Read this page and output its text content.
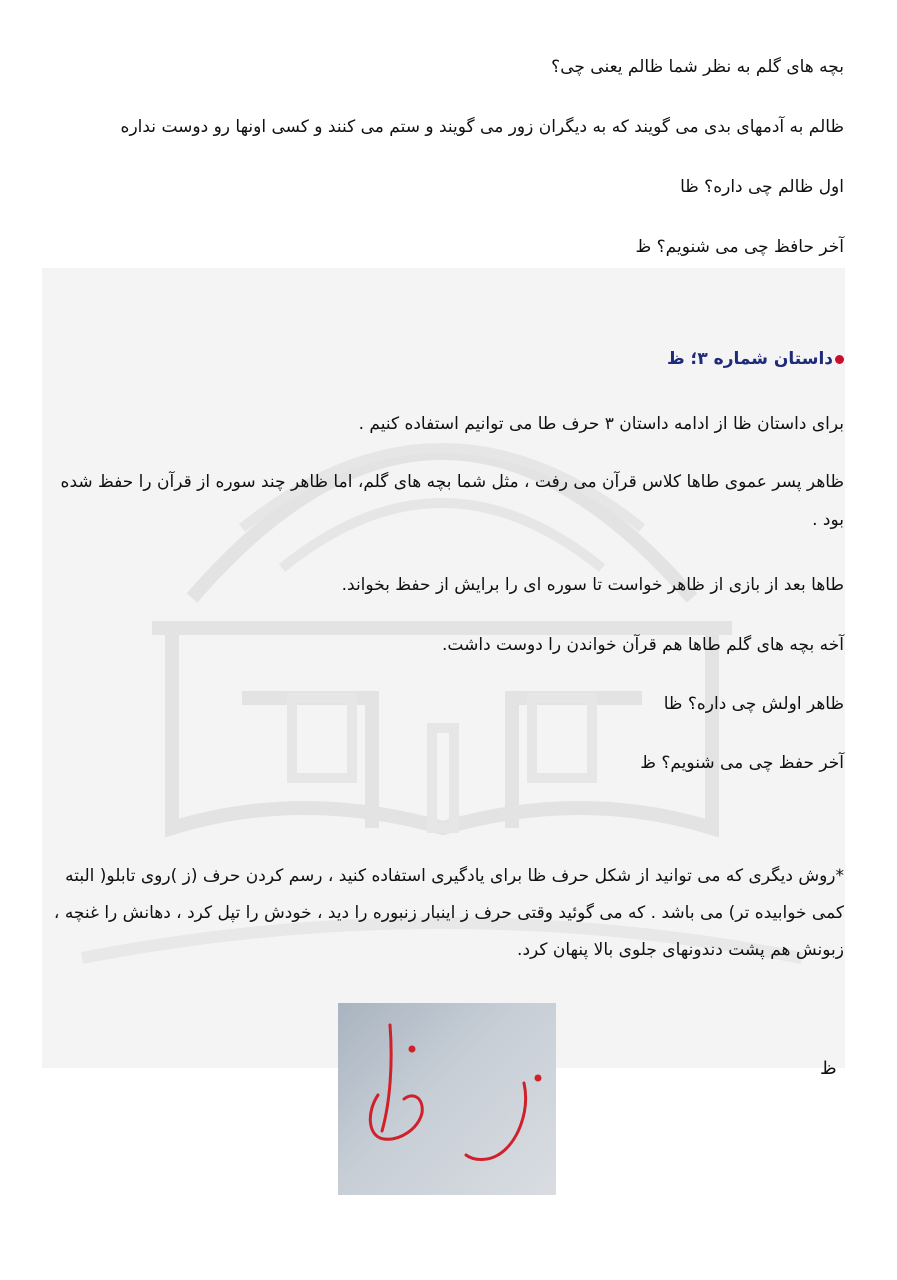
بچه های گلم به نظر شما ظالم یعنی چی؟
ظالم به آدمهای بدی می گویند که به دیگران زور می گویند و ستم می کنند و کسی اونها رو دوست نداره
اول ظالم چی داره؟ ظا
آخر حافظ چی می شنویم؟ ظ
داستان شماره ۳؛ ظ
برای داستان ظا از ادامه داستان ۳ حرف طا می توانیم استفاده کنیم .
ظاهر پسر عموی طاها کلاس قرآن می رفت ، مثل شما بچه های گلم، اما ظاهر چند سوره از قرآن را حفظ شده بود .
طاها بعد از بازی از ظاهر خواست تا سوره ای را برایش از حفظ بخواند.
آخه بچه های گلم طاها هم قرآن خواندن را دوست داشت.
ظاهر اولش چی داره؟ ظا
آخر حفظ چی می شنویم؟ ظ
*روش دیگری که می توانید از شکل حرف ظا برای یادگیری استفاده کنید ، رسم کردن حرف (ز )روی تابلو( البته کمی خوابیده تر) می باشد . که می گوئید وقتی حرف ز اینبار زنبوره را دید ، خودش را تپل کرد ، دهانش را غنچه ، زبونش هم پشت دندونهای جلوی بالا پنهان کرد.
ظ
